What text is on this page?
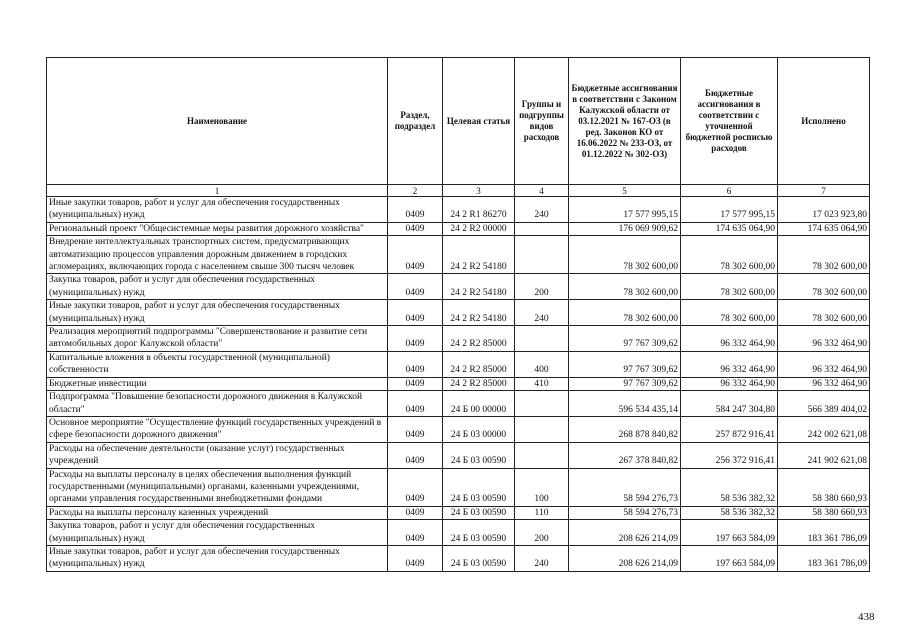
Наименование	Раздел, подраздел	Целевая статья	Группы и подгруппы видов расходов	Бюджетные ассигнования в соответствии с Законом Калужской области от 03.12.2021 № 167-ОЗ (в ред. Законов КО от 16.06.2022 № 233-ОЗ, от 01.12.2022 № 302-ОЗ)	Бюджетные ассигнования в соответствии с уточненной бюджетной росписью расходов	Исполнено
1	2	3	4	5	6	7
Иные закупки товаров, работ и услуг для обеспечения государственных (муниципальных) нужд	0409	24 2 R1 86270	240	17 577 995,15	17 577 995,15	17 023 923,80
Региональный проект "Общесистемные меры развития дорожного хозяйства"	0409	24 2 R2 00000		176 069 909,62	174 635 064,90	174 635 064,90
Внедрение интеллектуальных транспортных систем, предусматривающих автоматизацию процессов управления дорожным движением в городских агломерациях, включающих города с населением свыше 300 тысяч человек	0409	24 2 R2 54180		78 302 600,00	78 302 600,00	78 302 600,00
Закупка товаров, работ и услуг для обеспечения государственных (муниципальных) нужд	0409	24 2 R2 54180	200	78 302 600,00	78 302 600,00	78 302 600,00
Иные закупки товаров, работ и услуг для обеспечения государственных (муниципальных) нужд	0409	24 2 R2 54180	240	78 302 600,00	78 302 600,00	78 302 600,00
Реализация мероприятий подпрограммы "Совершенствование и развитие сети автомобильных дорог Калужской области"	0409	24 2 R2 85000		97 767 309,62	96 332 464,90	96 332 464,90
Капитальные вложения в объекты государственной (муниципальной) собственности	0409	24 2 R2 85000	400	97 767 309,62	96 332 464,90	96 332 464,90
Бюджетные инвестиции	0409	24 2 R2 85000	410	97 767 309,62	96 332 464,90	96 332 464,90
Подпрограмма "Повышение безопасности дорожного движения в Калужской области"	0409	24 Б 00 00000		596 534 435,14	584 247 304,80	566 389 404,02
Основное мероприятие "Осуществление функций государственных учреждений в сфере безопасности дорожного движения"	0409	24 Б 03 00000		268 878 840,82	257 872 916,41	242 002 621,08
Расходы на обеспечение деятельности (оказание услуг) государственных учреждений	0409	24 Б 03 00590		267 378 840,82	256 372 916,41	241 902 621,08
Расходы на выплаты персоналу в целях обеспечения выполнения функций государственными (муниципальными) органами, казенными учреждениями, органами управления государственными внебюджетными фондами	0409	24 Б 03 00590	100	58 594 276,73	58 536 382,32	58 380 660,93
Расходы на выплаты персоналу казенных учреждений	0409	24 Б 03 00590	110	58 594 276,73	58 536 382,32	58 380 660,93
Закупка товаров, работ и услуг для обеспечения государственных (муниципальных) нужд	0409	24 Б 03 00590	200	208 626 214,09	197 663 584,09	183 361 786,09
Иные закупки товаров, работ и услуг для обеспечения государственных (муниципальных) нужд	0409	24 Б 03 00590	240	208 626 214,09	197 663 584,09	183 361 786,09
438
